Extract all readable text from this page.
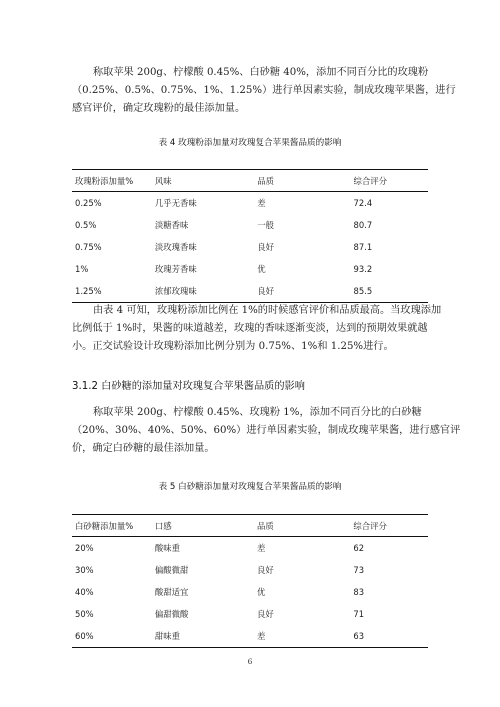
称取苹果 200g、柠檬酸 0.45%、白砂糖 40%，添加不同百分比的玫瑰粉
（0.25%、0.5%、0.75%、1%、1.25%）进行单因素实验，制成玫瑰苹果酱，进行
感官评价，确定玫瑰粉的最佳添加量。
表 4 玫瑰粉添加量对玫瑰复合苹果酱品质的影响
玫瑰粉添加量%	风味	品质	综合评分
0.25%	几乎无香味	差	72.4
0.5%	淡糖香味	一般	80.7
0.75%	淡玫瑰香味	良好	87.1
1%	玫瑰芳香味	优	93.2
1.25%	浓郁玫瑰味	良好	85.5
由表 4 可知，玫瑰粉添加比例在 1%的时候感官评价和品质最高。当玫瑰添加
比例低于 1%时，果酱的味道越差，玫瑰的香味逐渐变淡，达到的预期效果就越
小。正交试验设计玫瑰粉添加比例分别为 0.75%、1%和 1.25%进行。
3.1.2 白砂糖的添加量对玫瑰复合苹果酱品质的影响
称取苹果 200g、柠檬酸 0.45%、玫瑰粉 1%，添加不同百分比的白砂糖
（20%、30%、40%、50%、60%）进行单因素实验，制成玫瑰苹果酱，进行感官评
价，确定白砂糖的最佳添加量。
表 5 白砂糖添加量对玫瑰复合苹果酱品质的影响
白砂糖添加量%	口感	品质	综合评分
20%	酸味重	差	62
30%	偏酸微甜	良好	73
40%	酸甜适宜	优	83
50%	偏甜微酸	良好	71
60%	甜味重	差	63
6
